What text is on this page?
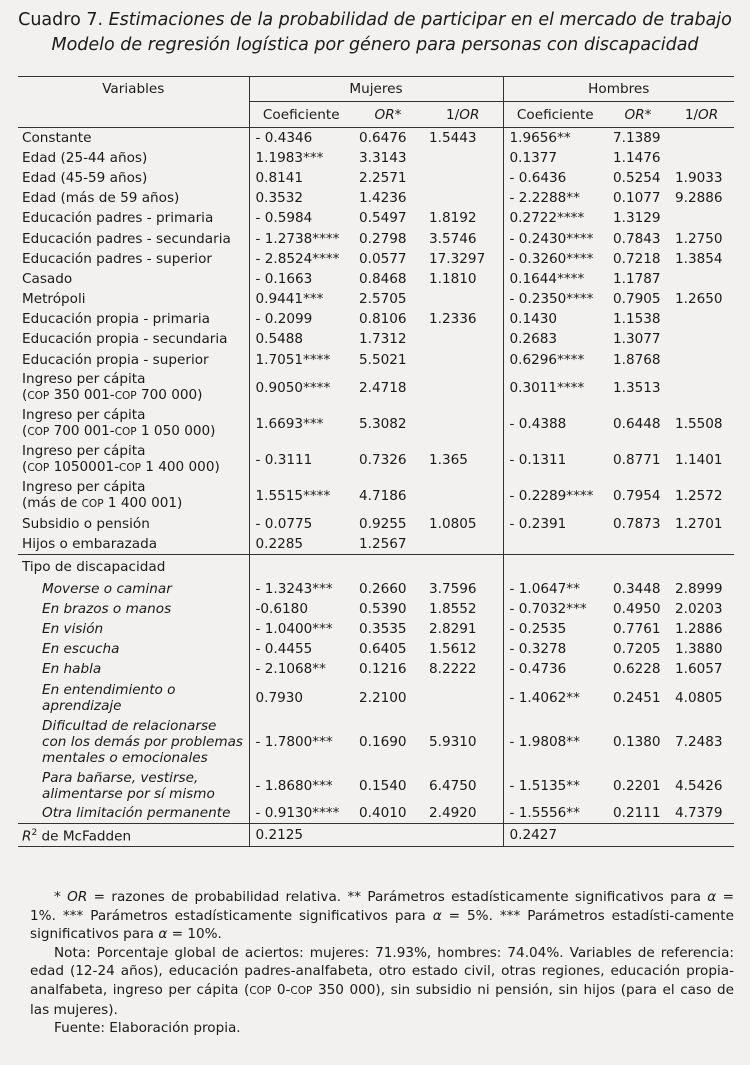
Cuadro 7. Estimaciones de la probabilidad de participar en el mercado de trabajo
Modelo de regresión logística por género para personas con discapacidad
Variables	Mujeres			Hombres		
	Coeficiente	OR*	1/OR	Coeficiente	OR*	1/OR
Constante	- 0.4346	0.6476	1.5443	1.9656**	7.1389	
Edad (25-44 años)	1.1983***	3.3143		0.1377	1.1476	
Edad (45-59 años)	0.8141	2.2571		- 0.6436	0.5254	1.9033
Edad (más de 59 años)	0.3532	1.4236		- 2.2288**	0.1077	9.2886
Educación padres - primaria	- 0.5984	0.5497	1.8192	0.2722****	1.3129	
Educación padres - secundaria	- 1.2738****	0.2798	3.5746	- 0.2430****	0.7843	1.2750
Educación padres - superior	- 2.8524****	0.0577	17.3297	- 0.3260****	0.7218	1.3854
Casado	- 0.1663	0.8468	1.1810	0.1644****	1.1787	
Metrópoli	0.9441***	2.5705		- 0.2350****	0.7905	1.2650
Educación propia - primaria	- 0.2099	0.8106	1.2336	0.1430	1.1538	
Educación propia - secundaria	0.5488	1.7312		0.2683	1.3077	
Educación propia - superior	1.7051****	5.5021		0.6296****	1.8768	
Ingreso per cápita
(COP 350 001-COP 700 000)	0.9050****	2.4718		0.3011****	1.3513	
Ingreso per cápita
(COP 700 001-COP 1 050 000)	1.6693***	5.3082		- 0.4388	0.6448	1.5508
Ingreso per cápita
(COP 1050001-COP 1 400 000)	- 0.3111	0.7326	1.365	- 0.1311	0.8771	1.1401
Ingreso per cápita
(más de COP 1 400 001)	1.5515****	4.7186		- 0.2289****	0.7954	1.2572
Subsidio o pensión	- 0.0775	0.9255	1.0805	- 0.2391	0.7873	1.2701
Hijos o embarazada	0.2285	1.2567				
Tipo de discapacidad						
Moverse o caminar	- 1.3243***	0.2660	3.7596	- 1.0647**	0.3448	2.8999
En brazos o manos	-0.6180	0.5390	1.8552	- 0.7032***	0.4950	2.0203
En visión	- 1.0400***	0.3535	2.8291	- 0.2535	0.7761	1.2886
En escucha	- 0.4455	0.6405	1.5612	- 0.3278	0.7205	1.3880
En habla	- 2.1068**	0.1216	8.2222	- 0.4736	0.6228	1.6057
En entendimiento o
aprendizaje	0.7930	2.2100		- 1.4062**	0.2451	4.0805
Dificultad de relacionarse
con los demás por problemas
mentales o emocionales	- 1.7800***	0.1690	5.9310	- 1.9808**	0.1380	7.2483
Para bañarse, vestirse,
alimentarse por sí mismo	- 1.8680***	0.1540	6.4750	- 1.5135**	0.2201	4.5426
Otra limitación permanente	- 0.9130****	0.4010	2.4920	- 1.5556**	0.2111	4.7379
$R^2$ de McFadden	0.2125			0.2427		

* OR = razones de probabilidad relativa. ** Parámetros estadísticamente significativos para α = 1%. *** Parámetros estadísticamente significativos para α = 5%. *** Parámetros estadísti-camente significativos para α = 10%.

Nota: Porcentaje global de aciertos: mujeres: 71.93%, hombres: 74.04%. Variables de referencia: edad (12-24 años), educación padres-analfabeta, otro estado civil, otras regiones, educación propia-analfabeta, ingreso per cápita (COP 0-COP 350 000), sin subsidio ni pensión, sin hijos (para el caso de las mujeres).

Fuente: Elaboración propia.
